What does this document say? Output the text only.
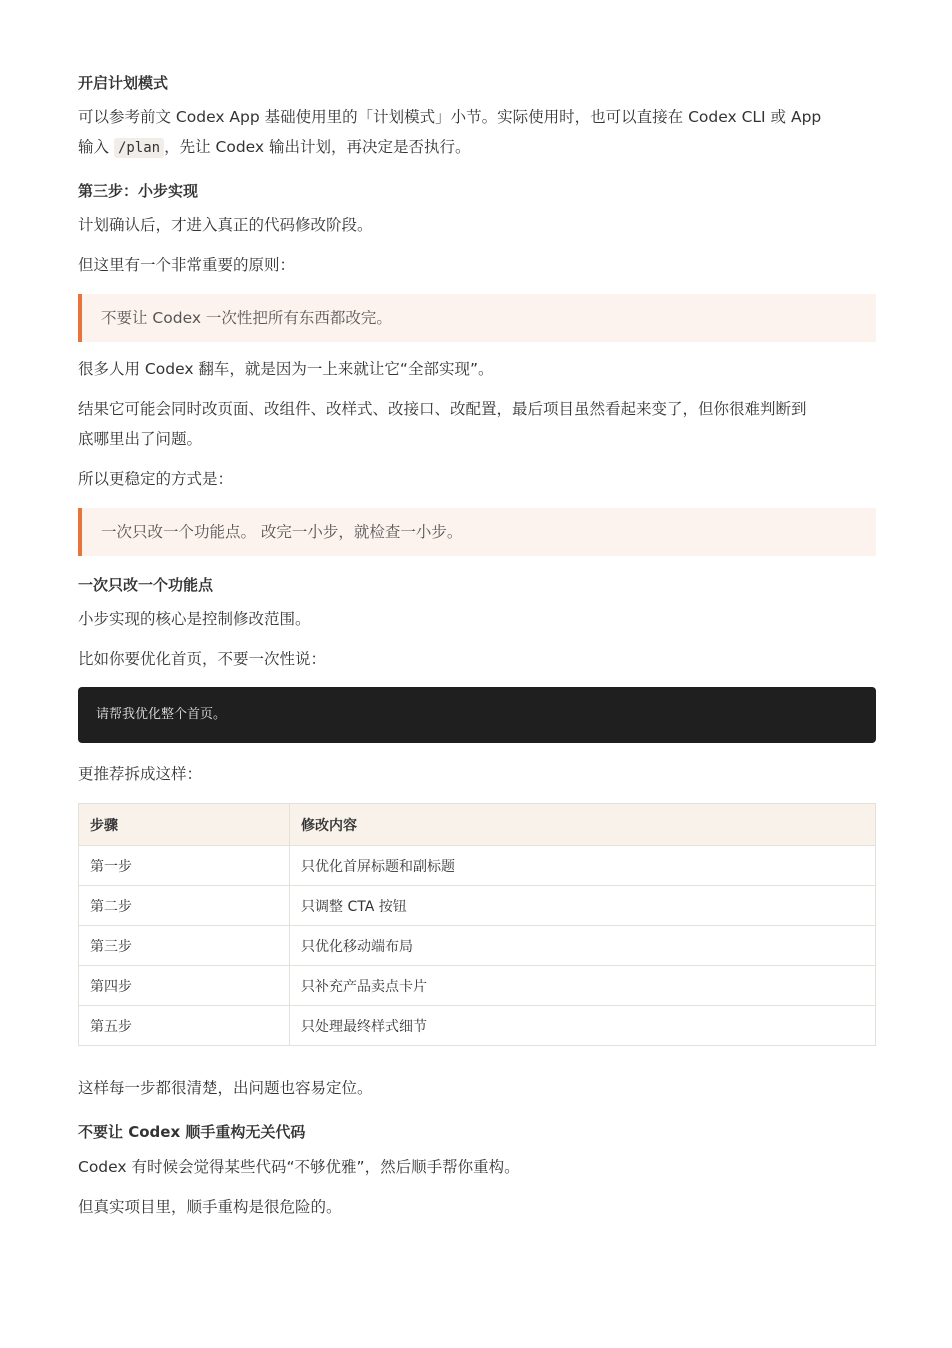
开启计划模式

可以参考前文 Codex App 基础使用里的「计划模式」小节。实际使用时，也可以直接在 Codex CLI 或 App

输入 /plan ，先让 Codex 输出计划，再决定是否执行。

第三步：小步实现

计划确认后，才进入真正的代码修改阶段。

但这里有一个非常重要的原则：

不要让 Codex 一次性把所有东西都改完。

很多人用 Codex 翻车，就是因为一上来就让它“全部实现”。

结果它可能会同时改页面、改组件、改样式、改接口、改配置，最后项目虽然看起来变了，但你很难判断到

底哪里出了问题。

所以更稳定的方式是：

一次只改一个功能点。 改完一小步，就检查一小步。
一次只改一个功能点

小步实现的核心是控制修改范围。

比如你要优化首页，不要一次性说：

请帮我优化整个首页。

更推荐拆成这样：

步骤	修改内容
第一步	只优化首屏标题和副标题
第二步	只调整 CTA 按钮
第三步	只优化移动端布局
第四步	只补充产品卖点卡片
第五步	只处理最终样式细节

这样每一步都很清楚，出问题也容易定位。

不要让 Codex 顺手重构无关代码

Codex 有时候会觉得某些代码“不够优雅”，然后顺手帮你重构。

但真实项目里，顺手重构是很危险的。
